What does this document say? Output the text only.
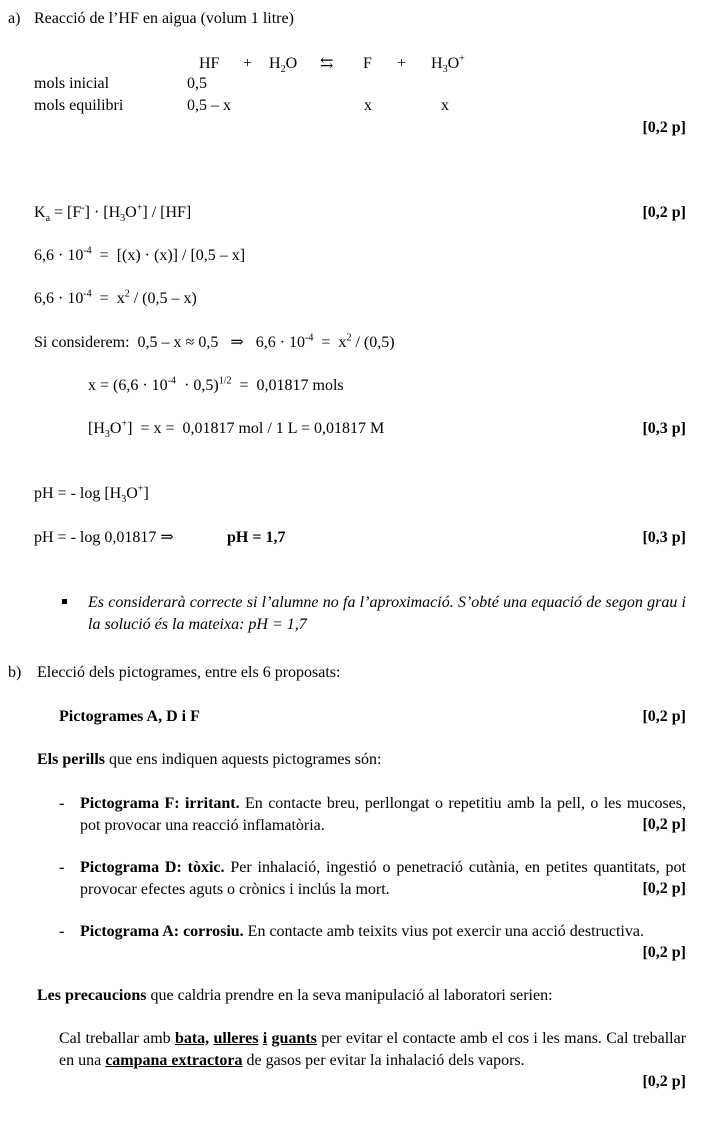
a) Reacció de l’HF en aigua (volum 1 litre)
HF + $H_2O$ ⇆ $F + H_3O^+$
mols inicial	0,5
mols equilibri	0,5 – x	x	x
[0,2 p]
$K_a = [F^-] \cdot [H_3O^+] / [HF]$	[0,2 p]
$6,6 \cdot 10^{-4} = [(x) \cdot (x)] / [0,5 - x]$
$6,6 \cdot 10^{-4} = x^2 / (0,5 - x)$
Si considerem:  0,5 – x ≈ 0,5   ⇒   $6,6 \cdot 10^{-4} = x^2 / (0,5)$
$x = (6,6 \cdot 10^{-4} \cdot 0,5)^{1/2} = 0,01817$ mols
$[H_3O^+] = x = 0,01817$ mol / 1 L = 0,01817 M	[0,3 p]
pH = - $\log [H_3O^+]$
pH = - log 0,01817 ⇒	pH = 1,7	[0,3 p]
Es considerarà correcte si l’alumne no fa l’aproximació. S’obté una equació de segon grau i la solució és la mateixa: pH = 1,7
b) Elecció dels pictogrames, entre els 6 proposats:
Pictogrames A, D i F	[0,2 p]
Els perills que ens indiquen aquests pictogrames són:
- Pictograma F: irritant. En contacte breu, perllongat o repetitiu amb la pell, o les mucoses, pot provocar una reacció inflamatòria.	[0,2 p]
- Pictograma D: tòxic. Per inhalació, ingestió o penetració cutània, en petites quantitats, pot provocar efectes aguts o crònics i inclús la mort.	[0,2 p]
- Pictograma A: corrosiu. En contacte amb teixits vius pot exercir una acció destructiva.
[0,2 p]
Les precaucions que caldria prendre en la seva manipulació al laboratori serien:
Cal treballar amb bata, ulleres i guants per evitar el contacte amb el cos i les mans. Cal treballar en una campana extractora de gasos per evitar la inhalació dels vapors.
[0,2 p]
